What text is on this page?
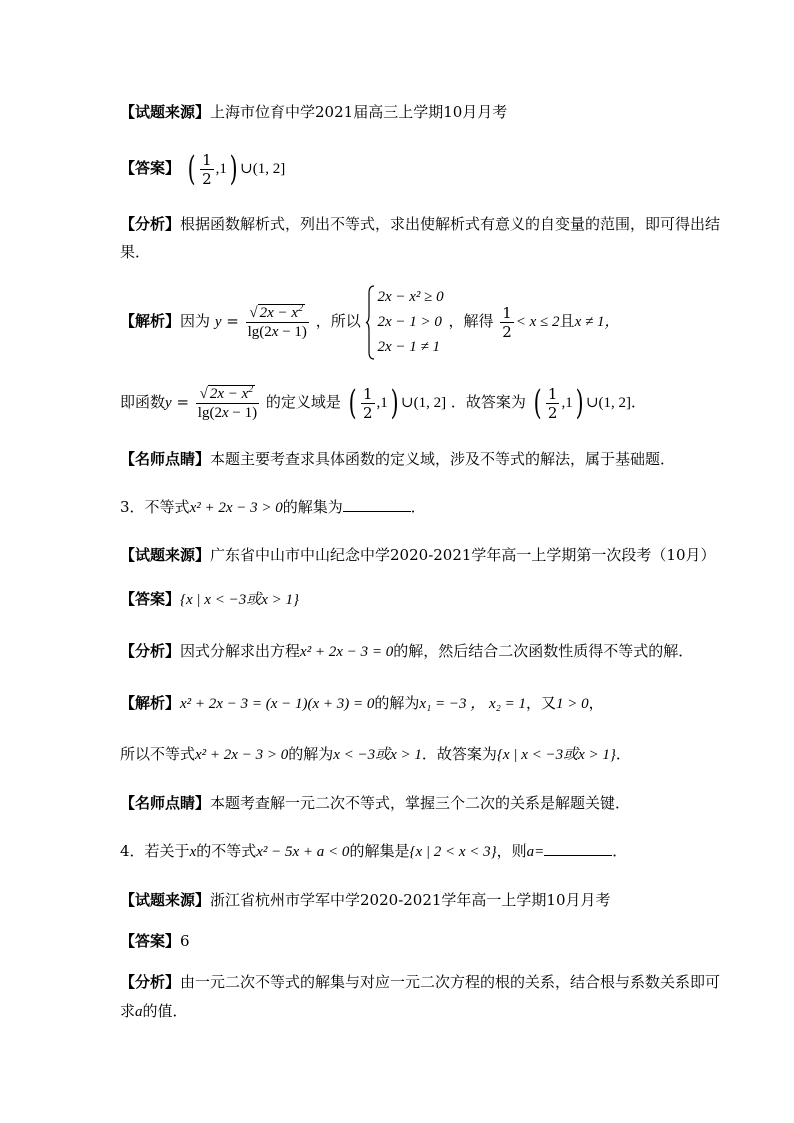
【试题来源】上海市位育中学2021届高三上学期10月月考
【答案】 ( $\frac{1}{2} ,1$) ∪(1, 2]
【分析】根据函数解析式，列出不等式，求出使解析式有意义的自变量的范围，即可得出结
果．
【解析】因为 $y = \frac{√ 2x - x^2}{\lg(2x - 1)}$ ，所以
2x − x² ≥ 0
2x − 1 > 0
2x − 1 ≠ 1
，解得 $\frac{1}{2} < x \le 2$且x ≠ 1，
即函数$y = \frac{√ 2x - x^2}{\lg(2x - 1)}$ 的定义域是 ( $\frac{1}{2} ,1$) ∪(1, 2] ．故答案为 ( $\frac{1}{2} ,1$) ∪(1, 2]．
【名师点睛】本题主要考查求具体函数的定义域，涉及不等式的解法，属于基础题．
3．不等式x² + 2x − 3 > 0的解集为	．
【试题来源】广东省中山市中山纪念中学2020-2021学年高一上学期第一次段考（10月）
【答案】{x | x < −3或x > 1}
【分析】因式分解求出方程x² + 2x − 3 = 0的解，然后结合二次函数性质得不等式的解．
【解析】x² + 2x − 3 = (x − 1)(x + 3) = 0的解为x₁ = −3 ， x₂ = 1，又1 > 0，
所以不等式x² + 2x − 3 > 0的解为x < −3或x > 1．故答案为{x | x < −3或x > 1}．
【名师点睛】本题考查解一元二次不等式，掌握三个二次的关系是解题关键．
4．若关于x的不等式x² − 5x + a < 0的解集是{x | 2 < x < 3}，则a=	．
【试题来源】浙江省杭州市学军中学2020-2021学年高一上学期10月月考
【答案】6
【分析】由一元二次不等式的解集与对应一元二次方程的根的关系，结合根与系数关系即可
求a的值．
